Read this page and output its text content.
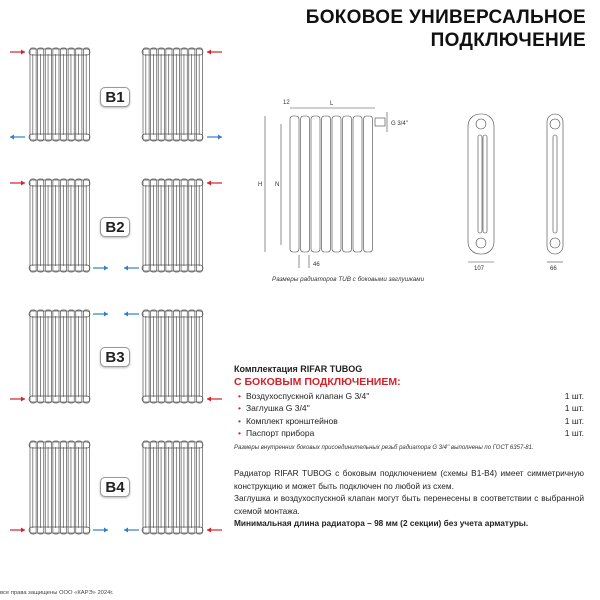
БОКОВОЕ УНИВЕРСАЛЬНОЕ
ПОДКЛЮЧЕНИЕ
12	L
G 3/4''
H N
46
107	66
B1
B2
B3
B4
Размеры радиаторов TUB с боковыми заглушками
Комплектация RIFAR TUBOG
С БОКОВЫМ ПОДКЛЮЧЕНИЕМ:
• Воздухоспускной клапан G 3/4''	1 шт.
• Заглушка G 3/4''	1 шт.
• Комплект кронштейнов	1 шт.
• Паспорт прибора	1 шт.
Размеры внутренних боковых присоединительных резьб радиатора G 3/4'' выполнены по ГОСТ 6357-81.
Радиатор RIFAR TUBOG с боковым подключением (схемы B1-B4) имеет симметричную конструкцию и может быть подключен по любой из схем.
Заглушка и воздухоспускной клапан могут быть перенесены в соответствии с выбранной схемой монтажа.
Минимальная длина радиатора – 98 мм (2 секции) без учета арматуры.
все права защищены ООО «КАРЭ» 2024г.
